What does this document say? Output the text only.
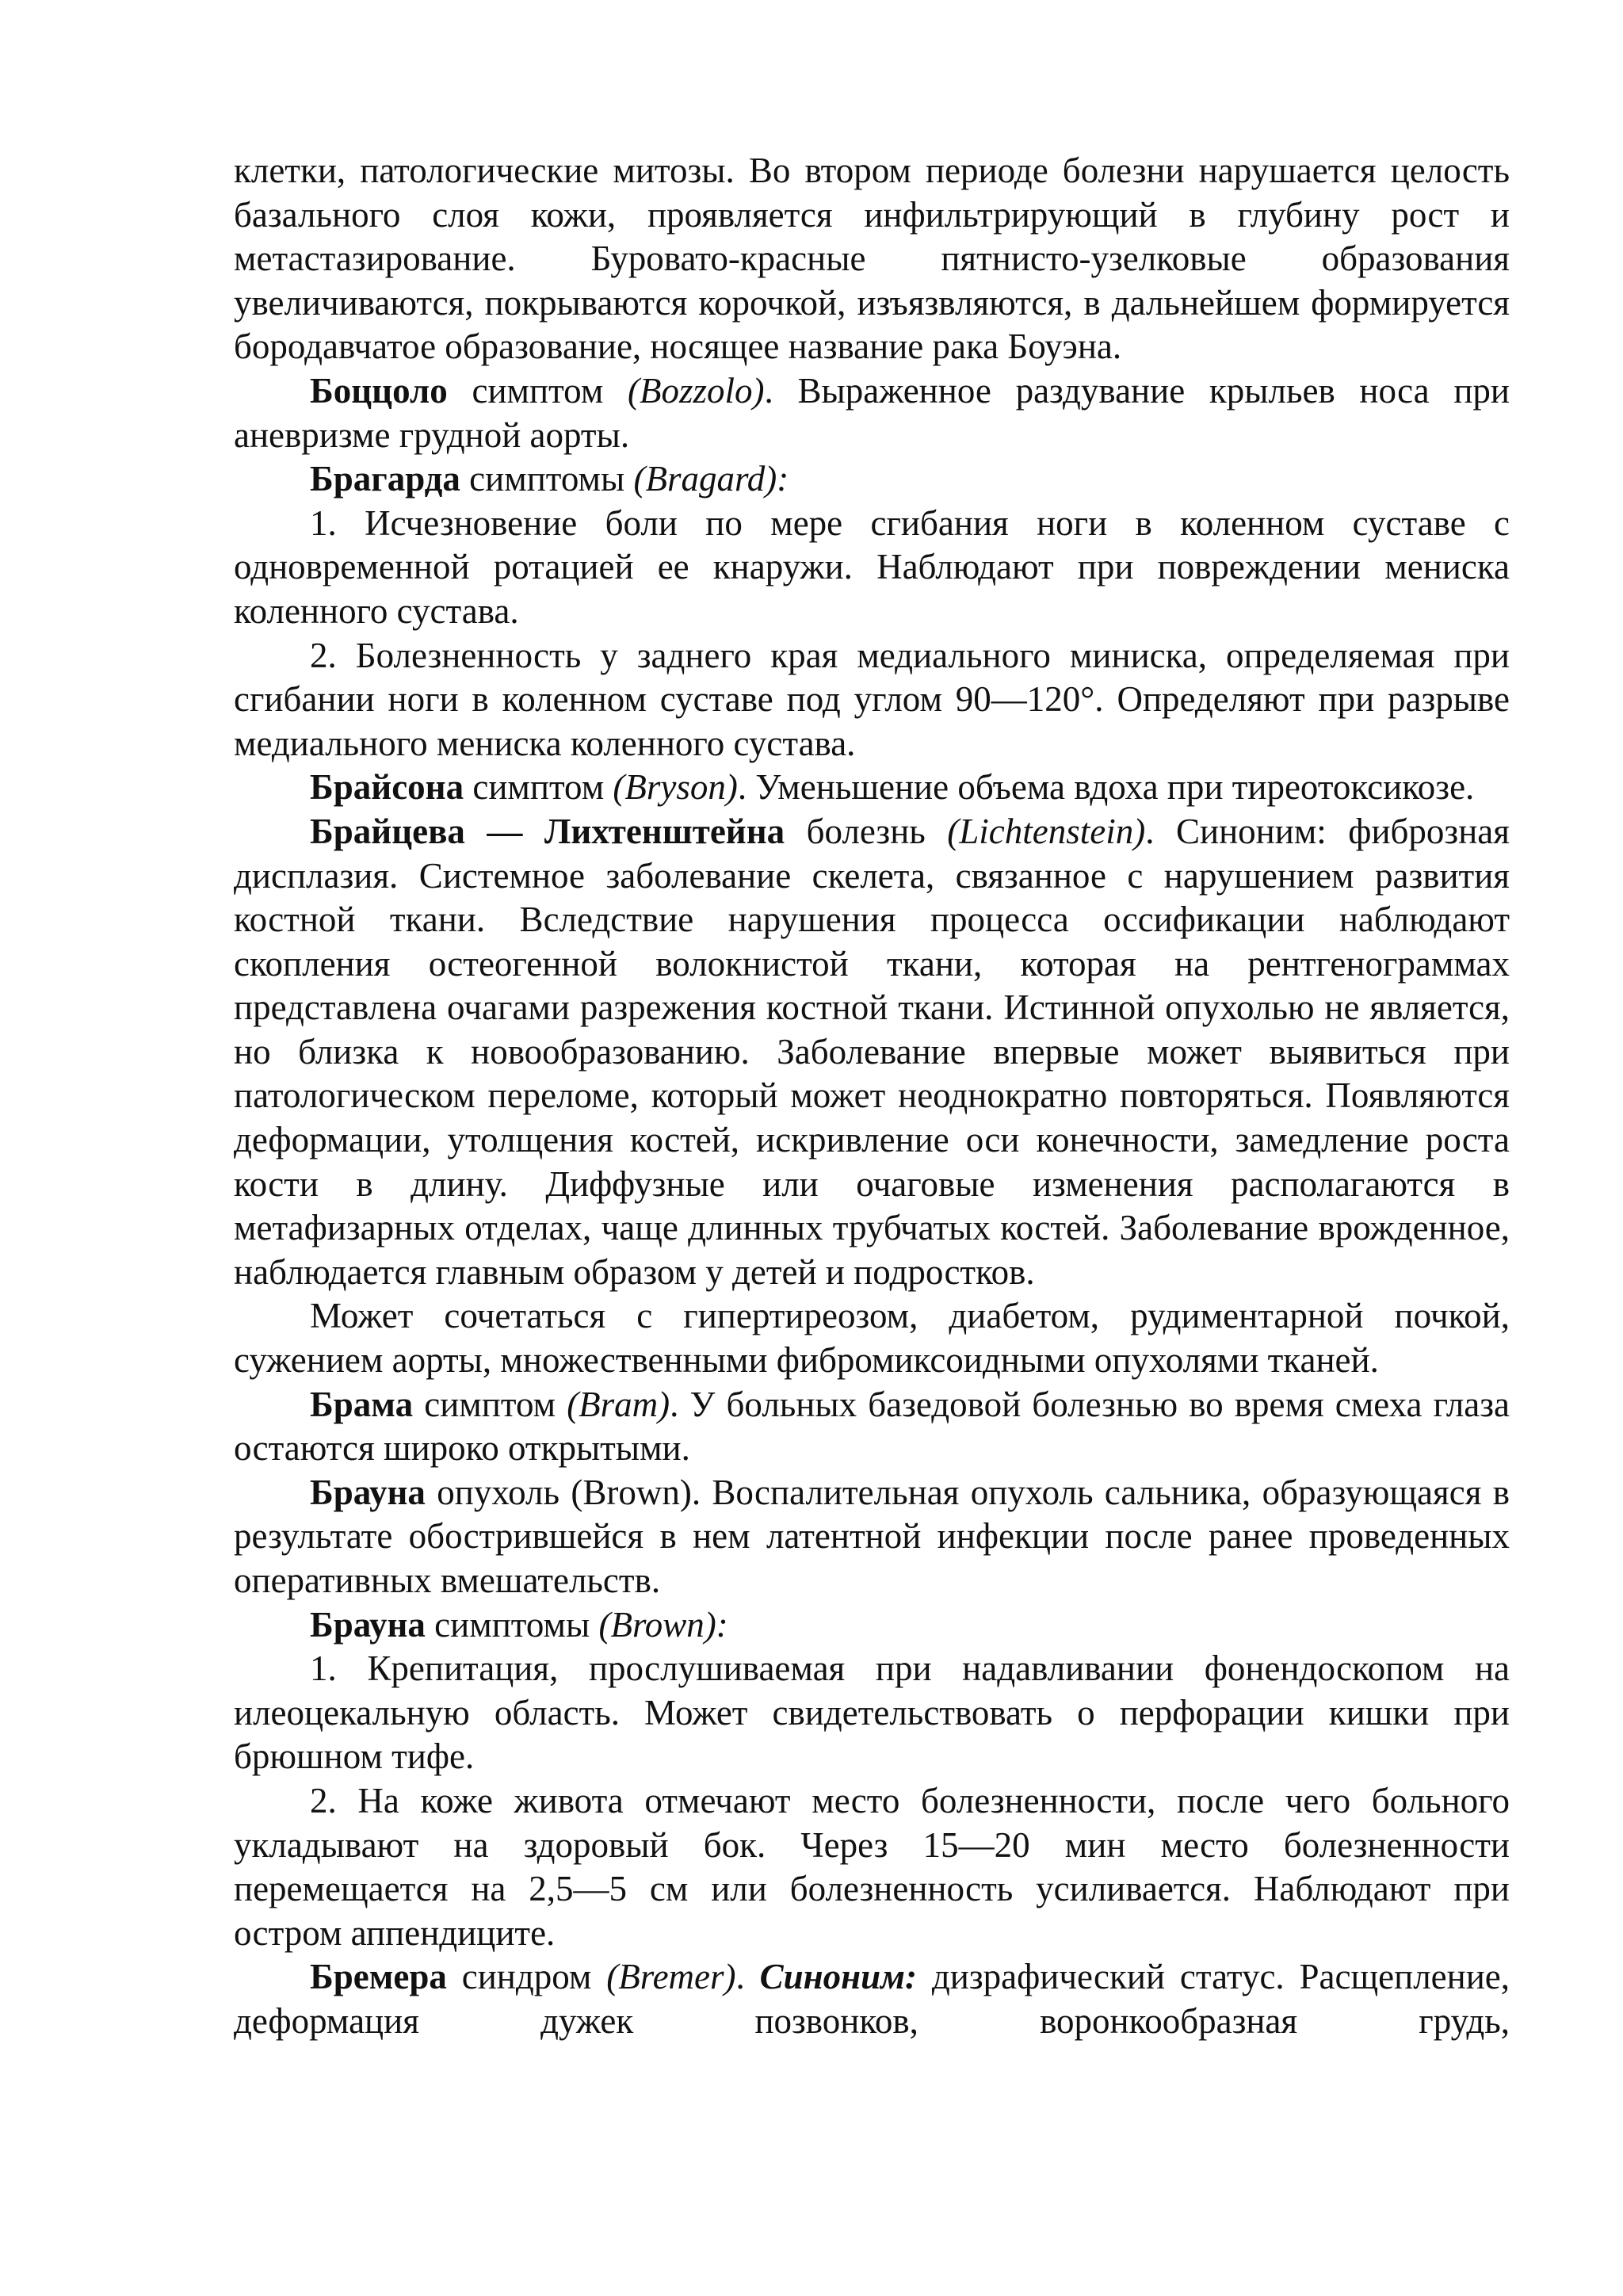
клетки, патологические митозы. Во втором периоде болезни нарушается целость базального слоя кожи, проявляется инфильтрирующий в глубину рост и метастазирование. Буровато-красные пятнисто-узелковые образования увеличиваются, покрываются корочкой, изъязвляются, в дальнейшем формируется бородавчатое образование, носящее название рака Боуэна.

Боццоло симптом (Bozzolo). Выраженное раздувание крыльев носа при аневризме грудной аорты.

Брагарда симптомы (Bragard):

1. Исчезновение боли по мере сгибания ноги в коленном суставе с одновременной ротацией ее кнаружи. Наблюдают при повреждении мениска коленного сустава.

2. Болезненность у заднего края медиального миниска, определяемая при сгибании ноги в коленном суставе под углом 90—120°. Определяют при разрыве медиального мениска коленного сустава.

Брайсона симптом (Bryson). Уменьшение объема вдоха при тиреотоксикозе.

Брайцева — Лихтенштейна болезнь (Lichtenstein). Синоним: фиброзная дисплазия. Системное заболевание скелета, связанное с нарушением развития костной ткани. Вследствие нарушения процесса оссификации наблюдают скопления остеогенной волокнистой ткани, которая на рентгенограммах представлена очагами разрежения костной ткани. Истинной опухолью не является, но близка к новообразованию. Заболевание впервые может выявиться при патологическом переломе, который может неоднократно повторяться. Появляются деформации, утолщения костей, искривление оси конечности, замедление роста кости в длину. Диффузные или очаговые изменения располагаются в метафизарных отделах, чаще длинных трубчатых костей. Заболевание врожденное, наблюдается главным образом у детей и подростков.

Может сочетаться с гипертиреозом, диабетом, рудиментарной почкой, сужением аорты, множественными фибромиксоидными опухолями тканей.

Брама симптом (Bram). У больных базедовой болезнью во время смеха глаза остаются широко открытыми.

Брауна опухоль (Brown). Воспалительная опухоль сальника, образующаяся в результате обострившейся в нем латентной инфекции после ранее проведенных оперативных вмешательств.

Брауна симптомы (Brown):

1. Крепитация, прослушиваемая при надавливании фонендоскопом на илеоцекальную область. Может свидетельствовать о перфорации кишки при брюшном тифе.

2. На коже живота отмечают место болезненности, после чего больного укладывают на здоровый бок. Через 15—20 мин место болезненности перемещается на 2,5—5 см или болезненность усиливается. Наблюдают при остром аппендиците.

Бремера синдром (Bremer). Синоним: дизрафический статус. Расщепление, деформация дужек позвонков, воронкообразная грудь,
